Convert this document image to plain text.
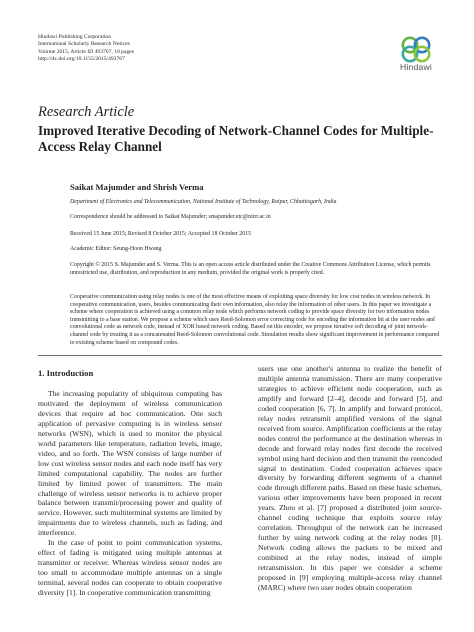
Hindawi Publishing Corporation
International Scholarly Research Notices
Volume 2015, Article ID 493767, 10 pages
http://dx.doi.org/10.1155/2015/493767
Hindawi
Research Article
Improved Iterative Decoding of Network-Channel Codes for Multiple-Access Relay Channel
Saikat Majumder and Shrish Verma
Department of Electronics and Telecommunication, National Institute of Technology, Raipur, Chhattisgarh, India
Correspondence should be addressed to Saikat Majumder; smajumder.etc@nitrr.ac.in
Received 15 June 2015; Revised 8 October 2015; Accepted 18 October 2015
Academic Editor: Seung-Hoon Hwang
Copyright © 2015 S. Majumder and S. Verma. This is an open access article distributed under the Creative Commons Attribution License, which permits unrestricted use, distribution, and reproduction in any medium, provided the original work is properly cited.
Cooperative communication using relay nodes is one of the most effective means of exploiting space diversity for low cost nodes in wireless network. In cooperative communication, users, besides communicating their own information, also relay the information of other users. In this paper we investigate a scheme where cooperation is achieved using a common relay node which performs network coding to provide space diversity for two information nodes transmitting to a base station. We propose a scheme which uses Reed-Solomon error correcting code for encoding the information bit at the user nodes and convolutional code as network code, instead of XOR based network coding. Based on this encoder, we propose iterative soft decoding of joint network-channel code by treating it as a concatenated Reed-Solomon convolutional code. Simulation results show significant improvement in performance compared to existing scheme based on compound codes.
1. Introduction

The increasing popularity of ubiquitous computing has motivated the deployment of wireless communication devices that require ad hoc communication. One such application of pervasive computing is in wireless sensor networks (WSN), which is used to monitor the physical world parameters like temperature, radiation levels, image, video, and so forth. The WSN consists of large number of low cost wireless sensor nodes and each node itself has very limited computational capability. The nodes are further limited by limited power of transmitters. The main challenge of wireless sensor networks is to achieve proper balance between transmit/processing power and quality of service. However, such multiterminal systems are limited by impairments due to wireless channels, such as fading, and interference.

In the case of point to point communication systems, effect of fading is mitigated using multiple antennas at transmitter or receiver. Whereas wireless sensor nodes are too small to accommodate multiple antennas on a single terminal, several nodes can cooperate to obtain cooperative diversity [1]. In cooperative communication transmitting

users use one another's antenna to realize the benefit of multiple antenna transmission. There are many cooperative strategies to achieve efficient node cooperation, such as amplify and forward [2–4], decode and forward [5], and coded cooperation [6, 7]. In amplify and forward protocol, relay nodes retransmit amplified versions of the signal received from source. Amplification coefficients at the relay nodes control the performance at the destination whereas in decode and forward relay nodes first decode the received symbol using hard decision and then transmit the reencoded signal to destination. Coded cooperation achieves space diversity by forwarding different segments of a channel code through different paths. Based on these basic schemes, various other improvements have been proposed in recent years. Zhou et al. [7] proposed a distributed joint source-channel coding technique that exploits source relay correlation. Throughput of the network can be increased further by using network coding at the relay nodes [8]. Network coding allows the packets to be mixed and combined at the relay nodes, instead of simple retransmission. In this paper we consider a scheme proposed in [9] employing multiple-access relay channel (MARC) where two user nodes obtain cooperation
